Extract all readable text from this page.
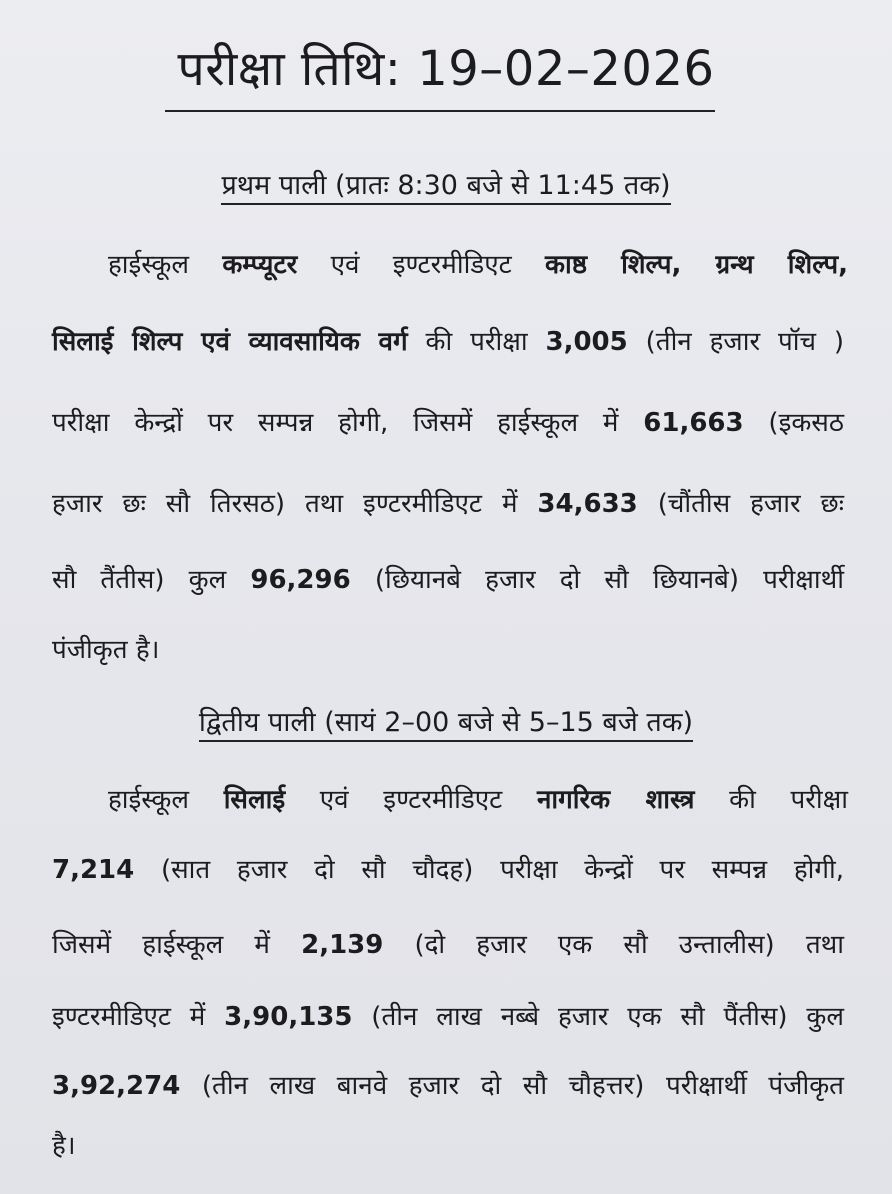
परीक्षा तिथि: 19–02–2026
प्रथम पाली (प्रातः 8:30 बजे से 11:45 तक)
हाईस्कूल कम्प्यूटर एवं इण्टरमीडिएट काष्ठ शिल्प, ग्रन्थ शिल्प,
सिलाई शिल्प एवं व्यावसायिक वर्ग की परीक्षा 3,005 (तीन हजार पॉच )
परीक्षा केन्द्रों पर सम्पन्न होगी, जिसमें हाईस्कूल में 61,663 (इकसठ
हजार छः सौ तिरसठ) तथा इण्टरमीडिएट में 34,633 (चौंतीस हजार छः
सौ तैंतीस) कुल 96,296 (छियानबे हजार दो सौ छियानबे) परीक्षार्थी
पंजीकृत है।
द्वितीय पाली (सायं 2–00 बजे से 5–15 बजे तक)
हाईस्कूल सिलाई एवं इण्टरमीडिएट नागरिक शास्त्र की परीक्षा
7,214 (सात हजार दो सौ चौदह) परीक्षा केन्द्रों पर सम्पन्न होगी,
जिसमें हाईस्कूल में 2,139 (दो हजार एक सौ उन्तालीस) तथा
इण्टरमीडिएट में 3,90,135 (तीन लाख नब्बे हजार एक सौ पैंतीस) कुल
3,92,274 (तीन लाख बानवे हजार दो सौ चौहत्तर) परीक्षार्थी पंजीकृत
है।
